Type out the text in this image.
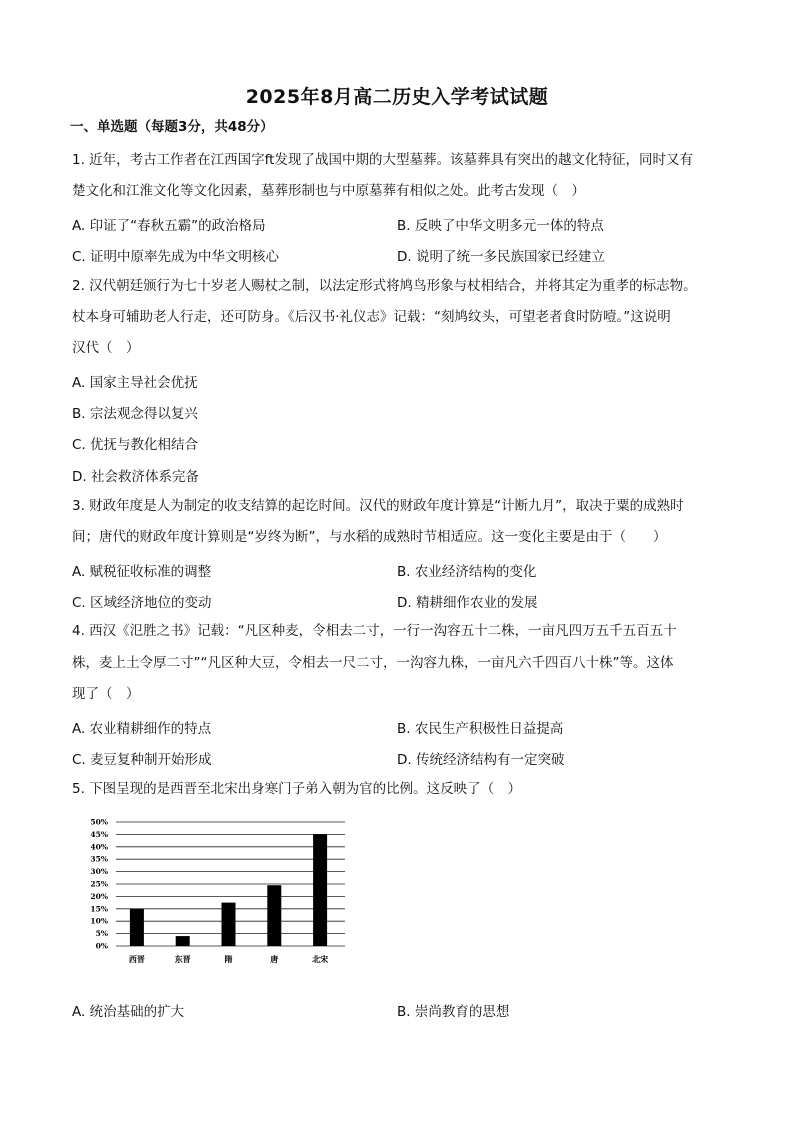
2025年8月高二历史入学考试试题
一、单选题（每题3分，共48分）
1. 近年，考古工作者在江西国字ft发现了战国中期的大型墓葬。该墓葬具有突出的越文化特征，同时又有
楚文化和江淮文化等文化因素，墓葬形制也与中原墓葬有相似之处。此考古发现（　）
A. 印证了“春秋五霸”的政治格局	B. 反映了中华文明多元一体的特点
C. 证明中原率先成为中华文明核心	D. 说明了统一多民族国家已经建立
2. 汉代朝廷颁行为七十岁老人赐杖之制，以法定形式将鸠鸟形象与杖相结合，并将其定为重孝的标志物。
杖本身可辅助老人行走，还可防身。《后汉书·礼仪志》记载：“刻鸠纹头，可望老者食时防噎。”这说明
汉代（　）
A. 国家主导社会优抚
B. 宗法观念得以复兴
C. 优抚与教化相结合
D. 社会救济体系完备
3. 财政年度是人为制定的收支结算的起讫时间。汉代的财政年度计算是“计断九月”，取决于粟的成熟时
间；唐代的财政年度计算则是“岁终为断”，与水稻的成熟时节相适应。这一变化主要是由于（　　）
A. 赋税征收标准的调整	B. 农业经济结构的变化
C. 区域经济地位的变动	D. 精耕细作农业的发展
4. 西汉《氾胜之书》记载：“凡区种麦，令相去二寸，一行一沟容五十二株，一亩凡四万五千五百五十
株，麦上土令厚二寸”“凡区种大豆，令相去一尺二寸，一沟容九株，一亩凡六千四百八十株”等。这体
现了（　）
A. 农业精耕细作的特点	B. 农民生产积极性日益提高
C. 麦豆复种制开始形成	D. 传统经济结构有一定突破
5. 下图呈现的是西晋至北宋出身寒门子弟入朝为官的比例。这反映了（　）
0%
5%
10%
15%
20%
25%
30%
35%
40%
45%
50%
西晋	东晋	隋	唐	北宋
A. 统治基础的扩大	B. 崇尚教育的思想
